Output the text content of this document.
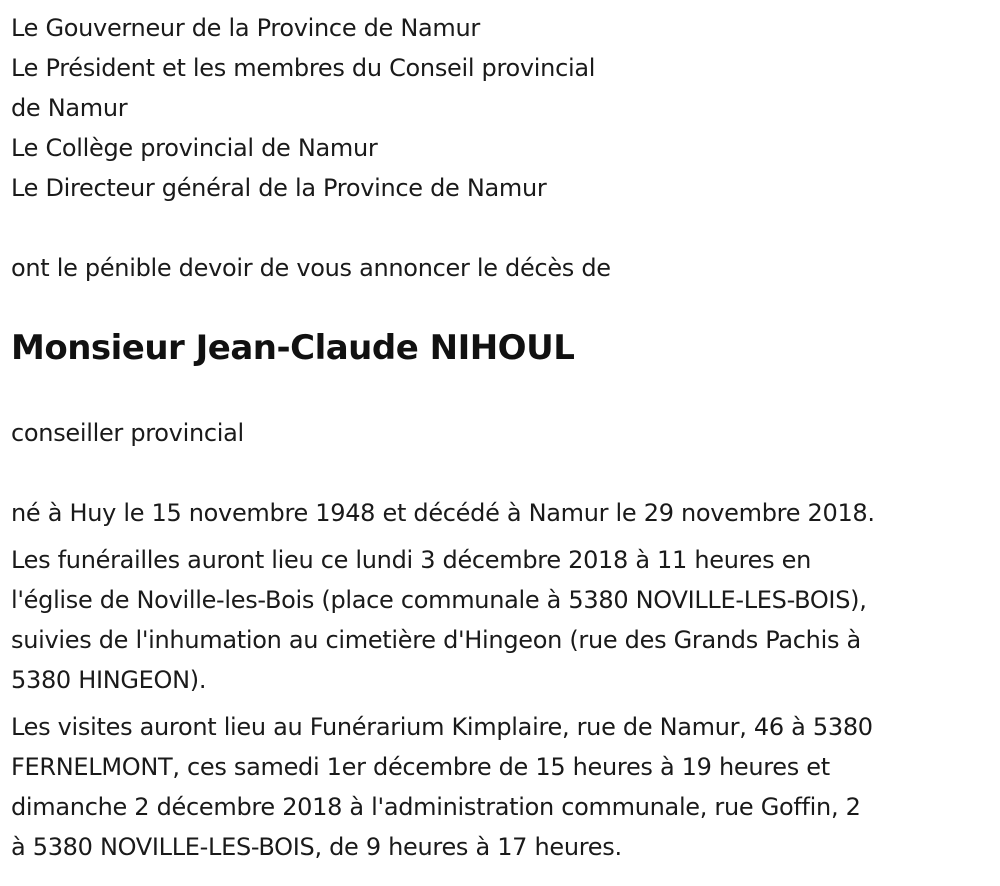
Le Gouverneur de la Province de Namur
Le Président et les membres du Conseil provincial
de Namur
Le Collège provincial de Namur
Le Directeur général de la Province de Namur
ont le pénible devoir de vous annoncer le décès de
Monsieur Jean-Claude NIHOUL
conseiller provincial
né à Huy le 15 novembre 1948 et décédé à Namur le 29 novembre 2018.
Les funérailles auront lieu ce lundi 3 décembre 2018 à 11 heures en
l'église de Noville-les-Bois (place communale à 5380 NOVILLE-LES-BOIS),
suivies de l'inhumation au cimetière d'Hingeon (rue des Grands Pachis à
5380 HINGEON).
Les visites auront lieu au Funérarium Kimplaire, rue de Namur, 46 à 5380
FERNELMONT, ces samedi 1er décembre de 15 heures à 19 heures et
dimanche 2 décembre 2018 à l'administration communale, rue Goffin, 2
à 5380 NOVILLE-LES-BOIS, de 9 heures à 17 heures.
